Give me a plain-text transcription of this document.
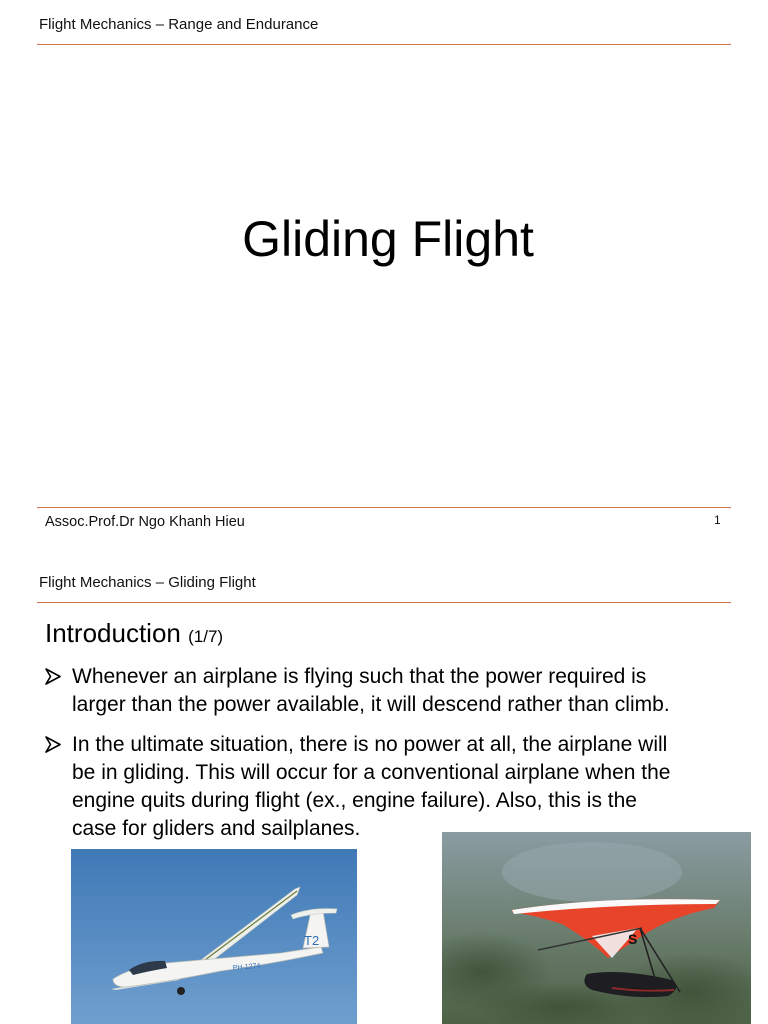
Flight Mechanics – Range and Endurance
Gliding Flight
Assoc.Prof.Dr Ngo Khanh Hieu	1
Flight Mechanics – Gliding Flight
Introduction (1/7)
Whenever an airplane is flying such that the power required is
larger than the power available, it will descend rather than climb.
In the ultimate situation, there is no power at all, the airplane will
be in gliding. This will occur for a conventional airplane when the
engine quits during flight (ex., engine failure). Also, this is the
case for gliders and sailplanes.
T2
PH-1274
S
